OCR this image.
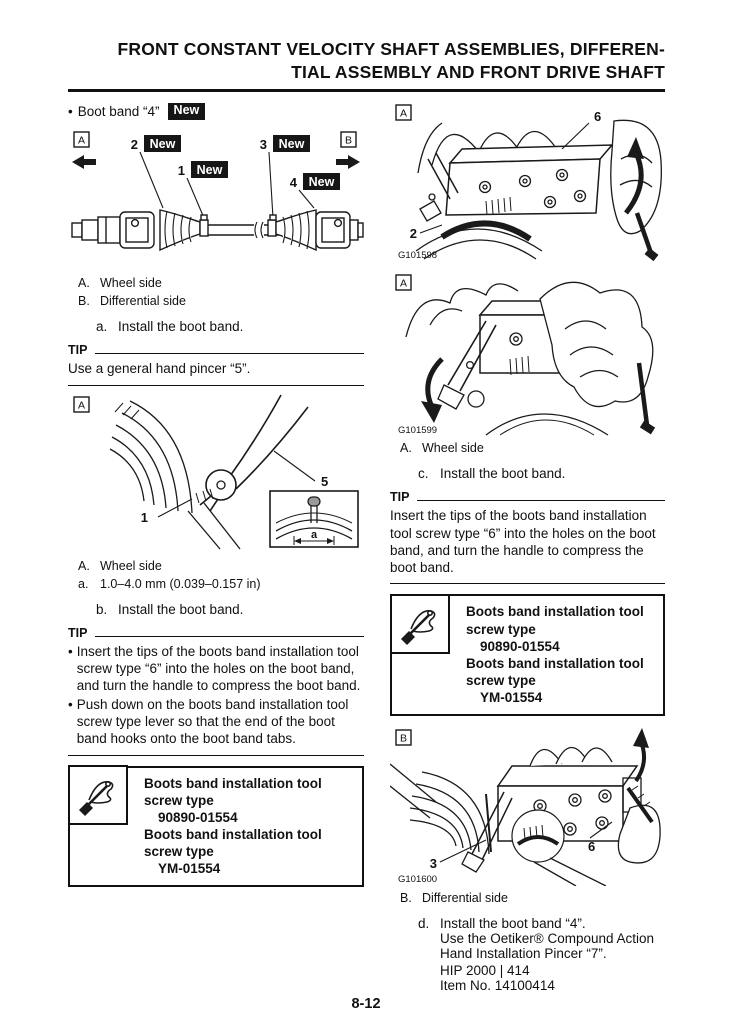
FRONT CONSTANT VELOCITY SHAFT ASSEMBLIES, DIFFEREN-
TIAL ASSEMBLY AND FRONT DRIVE SHAFT
• Boot band “4”	New
A	B
2 New
1 New
3 New
4 New
A. Wheel side
B. Differential side
a. Install the boot band.
TIP
Use a general hand pincer “5”.
A
5
1
a
A. Wheel side
a. 1.0–4.0 mm (0.039–0.157 in)
b. Install the boot band.
TIP
• Insert the tips of the boots band installation tool screw type “6” into the holes on the boot band, and turn the handle to compress the boot band.
• Push down on the boots band installation tool screw type lever so that the end of the boot band hooks onto the boot band tabs.
Boots band installation tool
screw type
90890-01554
Boots band installation tool
screw type
YM-01554
A	6
2
G101598
A
G101599
A. Wheel side
c. Install the boot band.
TIP
Insert the tips of the boots band installation tool screw type “6” into the holes on the boot band, and turn the handle to compress the boot band.
Boots band installation tool
screw type
90890-01554
Boots band installation tool
screw type
YM-01554
B
3
6
G101600
B. Differential side
d. Install the boot band “4”.
Use the Oetiker® Compound Action Hand Installation Pincer “7”.
HIP 2000 | 414
Item No. 14100414
8-12
